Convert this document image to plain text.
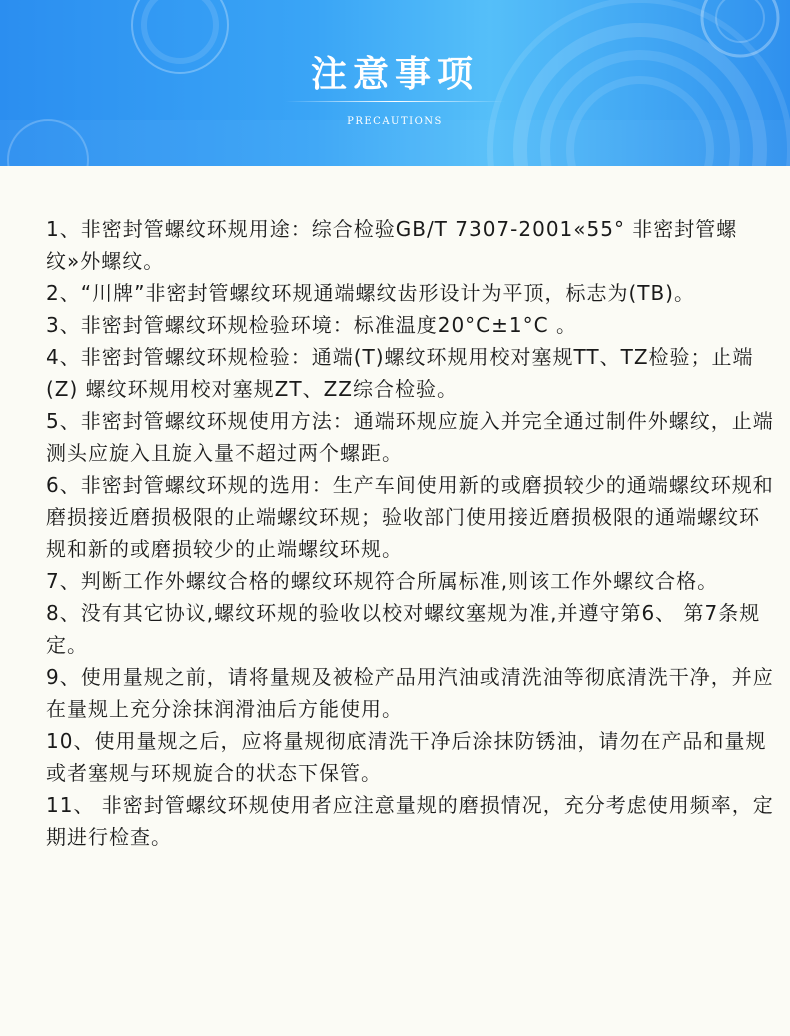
注意事项
PRECAUTIONS

1、非密封管螺纹环规用途：综合检验GB/T 7307-2001«55° 非密封管螺纹»外螺纹。

2、“川牌”非密封管螺纹环规通端螺纹齿形设计为平顶，标志为(TB)。

3、非密封管螺纹环规检验环境：标准温度20°C±1°C 。

4、非密封管螺纹环规检验：通端(T)螺纹环规用校对塞规TT、TZ检验；止端(Z) 螺纹环规用校对塞规ZT、ZZ综合检验。

5、非密封管螺纹环规使用方法：通端环规应旋入并完全通过制件外螺纹，止端测头应旋入且旋入量不超过两个螺距。

6、非密封管螺纹环规的选用：生产车间使用新的或磨损较少的通端螺纹环规和磨损接近磨损极限的止端螺纹环规；验收部门使用接近磨损极限的通端螺纹环规和新的或磨损较少的止端螺纹环规。

7、判断工作外螺纹合格的螺纹环规符合所属标准,则该工作外螺纹合格。

8、没有其它协议,螺纹环规的验收以校对螺纹塞规为准,并遵守第6、 第7条规定。

9、使用量规之前，请将量规及被检产品用汽油或清洗油等彻底清洗干净，并应在量规上充分涂抹润滑油后方能使用。

10、使用量规之后，应将量规彻底清洗干净后涂抹防锈油，请勿在产品和量规或者塞规与环规旋合的状态下保管。

11、 非密封管螺纹环规使用者应注意量规的磨损情况，充分考虑使用频率，定期进行检查。
